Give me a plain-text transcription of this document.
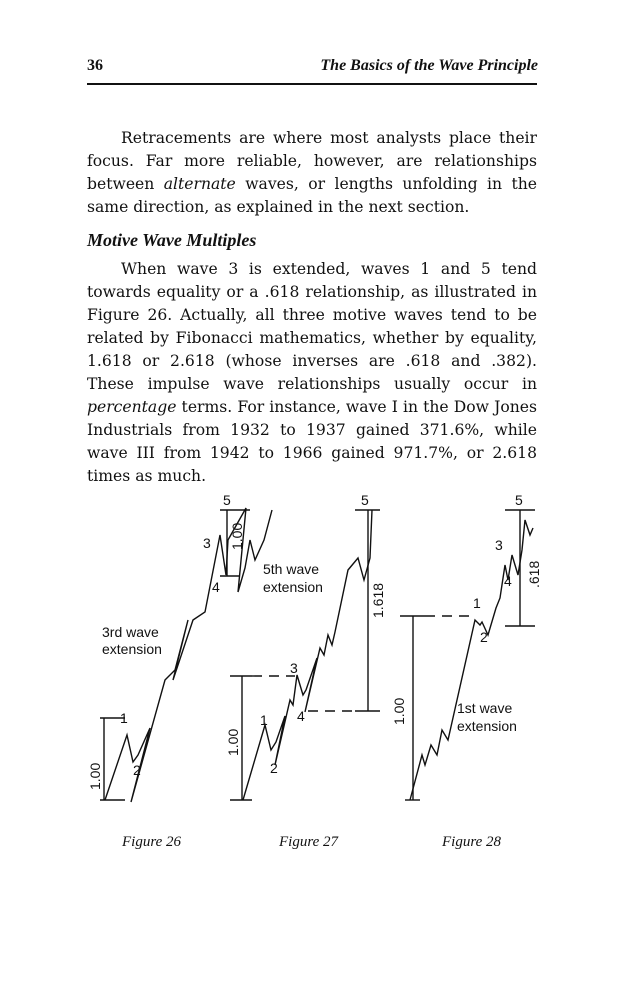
36	The Basics of the Wave Principle

Retracements are where most analysts place their focus. Far more reliable, however, are relationships between alternate waves, or lengths unfolding in the same direction, as explained in the next section.

Motive Wave Multiples

When wave 3 is extended, waves 1 and 5 tend towards equality or a .618 relationship, as illustrated in Figure 26. Actually, all three motive waves tend to be related by Fibonacci mathematics, whether by equality, 1.618 or 2.618 (whose inverses are .618 and .382). These impulse wave relationships usually occur in percentage terms. For instance, wave I in the Dow Jones Industrials from 1932 to 1937 gained 371.6%, while wave III from 1942 to 1966 gained 971.7%, or 2.618 times as much.

1
2
3
4
5
3rd wave
extension
1.00
1.00
1
2
3
4
5
5th wave
extension
1.00
1.618	1
2
3
4
5
1st wave
extension
1.00
.618
Figure 26	Figure 27	Figure 28
